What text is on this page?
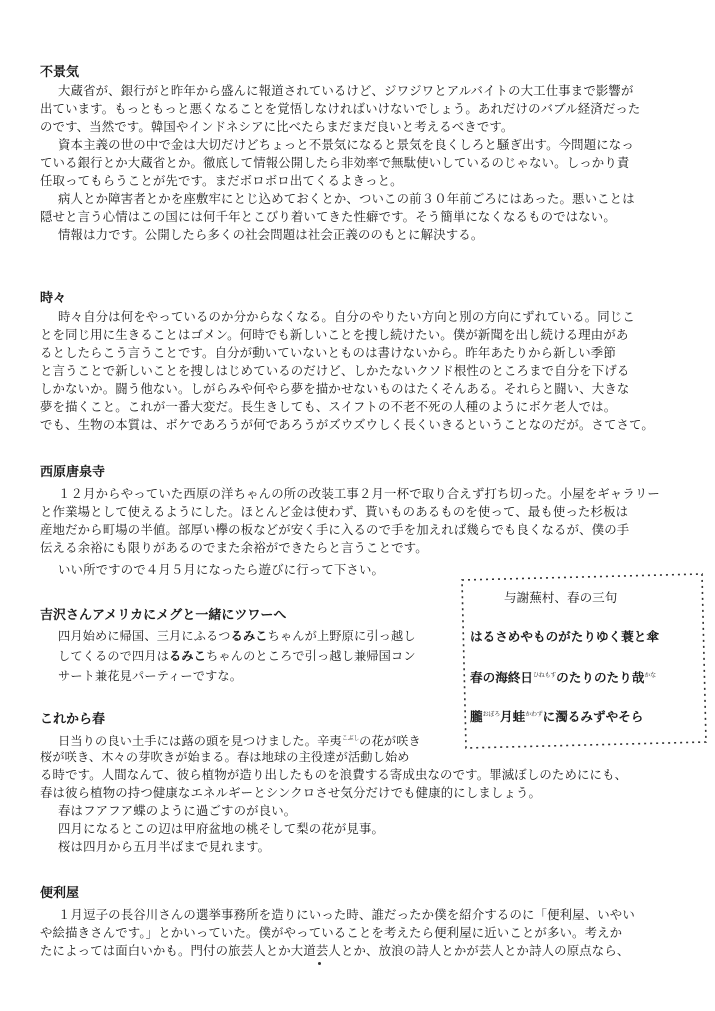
不景気
大蔵省が、銀行がと昨年から盛んに報道されているけど、ジワジワとアルバイトの大工仕事まで影響が
出ています。もっともっと悪くなることを覚悟しなければいけないでしょう。あれだけのバブル経済だった
のです、当然です。韓国やインドネシアに比べたらまだまだ良いと考えるべきです。
資本主義の世の中で金は大切だけどちょっと不景気になると景気を良くしろと騒ぎ出す。今問題になっ
ている銀行とか大蔵省とか。徹底して情報公開したら非効率で無駄使いしているのじゃない。しっかり責
任取ってもらうことが先です。まだボロボロ出てくるよきっと。
病人とか障害者とかを座敷牢にとじ込めておくとか、ついこの前３０年前ごろにはあった。悪いことは
隠せと言う心情はこの国には何千年とこびり着いてきた性癖です。そう簡単になくなるものではない。
情報は力です。公開したら多くの社会問題は社会正義ののもとに解決する。
時々
時々自分は何をやっているのか分からなくなる。自分のやりたい方向と別の方向にずれている。同じこ
とを同じ用に生きることはゴメン。何時でも新しいことを捜し続けたい。僕が新聞を出し続ける理由があ
るとしたらこう言うことです。自分が動いていないとものは書けないから。昨年あたりから新しい季節
と言うことで新しいことを捜しはじめているのだけど、しかたないクソド根性のところまで自分を下げる
しかないか。闘う他ない。しがらみや何やら夢を描かせないものはたくそんある。それらと闘い、大きな
夢を描くこと。これが一番大変だ。長生きしても、スイフトの不老不死の人種のようにボケ老人では。
でも、生物の本質は、ボケであろうが何であろうがズウズウしく長くいきるということなのだが。さてさて。
西原唐泉寺
１２月からやっていた西原の洋ちゃんの所の改装工事２月一杯で取り合えず打ち切った。小屋をギャラリー
と作業場として使えるようにした。ほとんど金は使わず、貰いものあるものを使って、最も使った杉板は
産地だから町場の半値。部厚い欅の板などが安く手に入るので手を加えれば幾らでも良くなるが、僕の手
伝える余裕にも限りがあるのでまた余裕ができたらと言うことです。
いい所ですので４月５月になったら遊びに行って下さい。
吉沢さんアメリカにメグと一緒にツワーへ
四月始めに帰国、三月にふるつるみこちゃんが上野原に引っ越し
してくるので四月はるみこちゃんのところで引っ越し兼帰国コン
サート兼花見パーティーですな。
これから春
日当りの良い土手には蕗の頭を見つけました。辛夷$^{こぶし}$の花が咲き
桜が咲き、木々の芽吹きが始まる。春は地球の主役達が活動し始め
る時です。人間なんて、彼ら植物が造り出したものを浪費する寄成虫なのです。罪滅ぼしのためににも、
春は彼ら植物の持つ健康なエネルギーとシンクロさせ気分だけでも健康的にしましょう。
春はフアフア蝶のように過ごすのが良い。
四月になるとこの辺は甲府盆地の桃そして梨の花が見事。
桜は四月から五月半ばまで見れます。
便利屋
１月逗子の長谷川さんの選挙事務所を造りにいった時、誰だったか僕を紹介するのに「便利屋、いやい
や絵描きさんです。」とかいっていた。僕がやっていることを考えたら便利屋に近いことが多い。考えか
たによっては面白いかも。門付の旅芸人とか大道芸人とか、放浪の詩人とかが芸人とか詩人の原点なら、
与謝蕪村、春の三句
はるさめやものがたりゆく蓑と傘
春の海終日$^{ひねもす}$のたりのたり哉$^{かな}$
朧$^{おぼろ}$月蛙$^{かわず}$に濁るみずやそら
